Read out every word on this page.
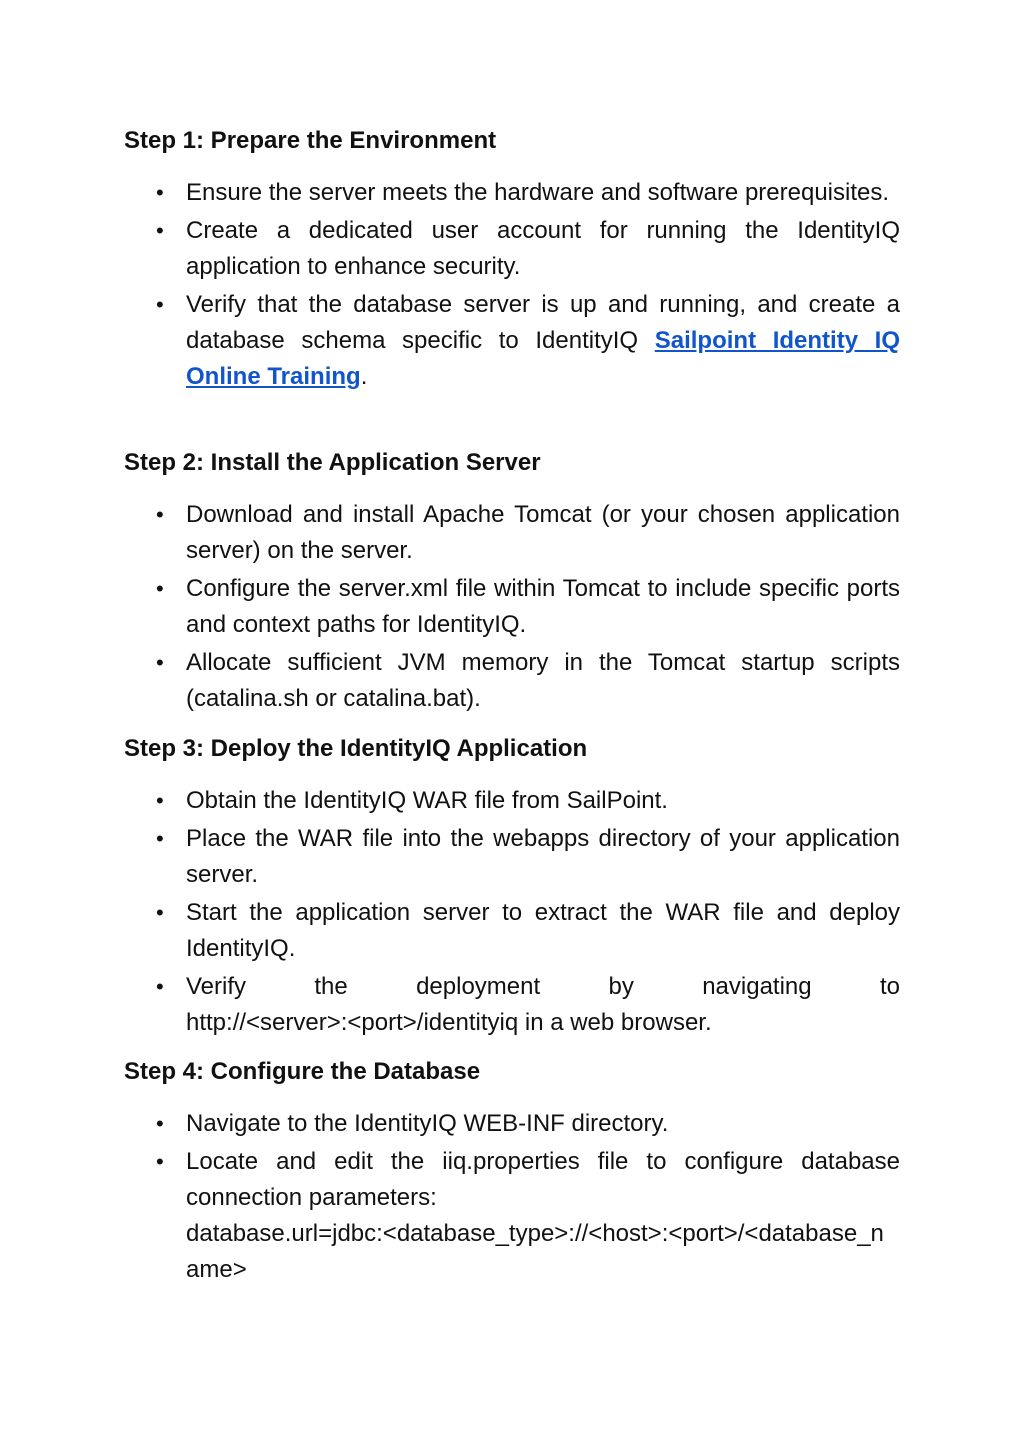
Step 1: Prepare the Environment
• Ensure the server meets the hardware and software prerequisites.
• Create a dedicated user account for running the IdentityIQ application to enhance security.
• Verify that the database server is up and running, and create a database schema specific to IdentityIQ Sailpoint Identity IQ Online Training.
Step 2: Install the Application Server
• Download and install Apache Tomcat (or your chosen application server) on the server.
• Configure the server.xml file within Tomcat to include specific ports and context paths for IdentityIQ.
• Allocate sufficient JVM memory in the Tomcat startup scripts (catalina.sh or catalina.bat).
Step 3: Deploy the IdentityIQ Application
• Obtain the IdentityIQ WAR file from SailPoint.
• Place the WAR file into the webapps directory of your application server.
• Start the application server to extract the WAR file and deploy IdentityIQ.
• Verify the deployment by navigating to
http://<server>:<port>/identityiq in a web browser.
Step 4: Configure the Database
• Navigate to the IdentityIQ WEB-INF directory.
• Locate and edit the iiq.properties file to configure database connection parameters:
database.url=jdbc:<database_type>://<host>:<port>/<database_name>
